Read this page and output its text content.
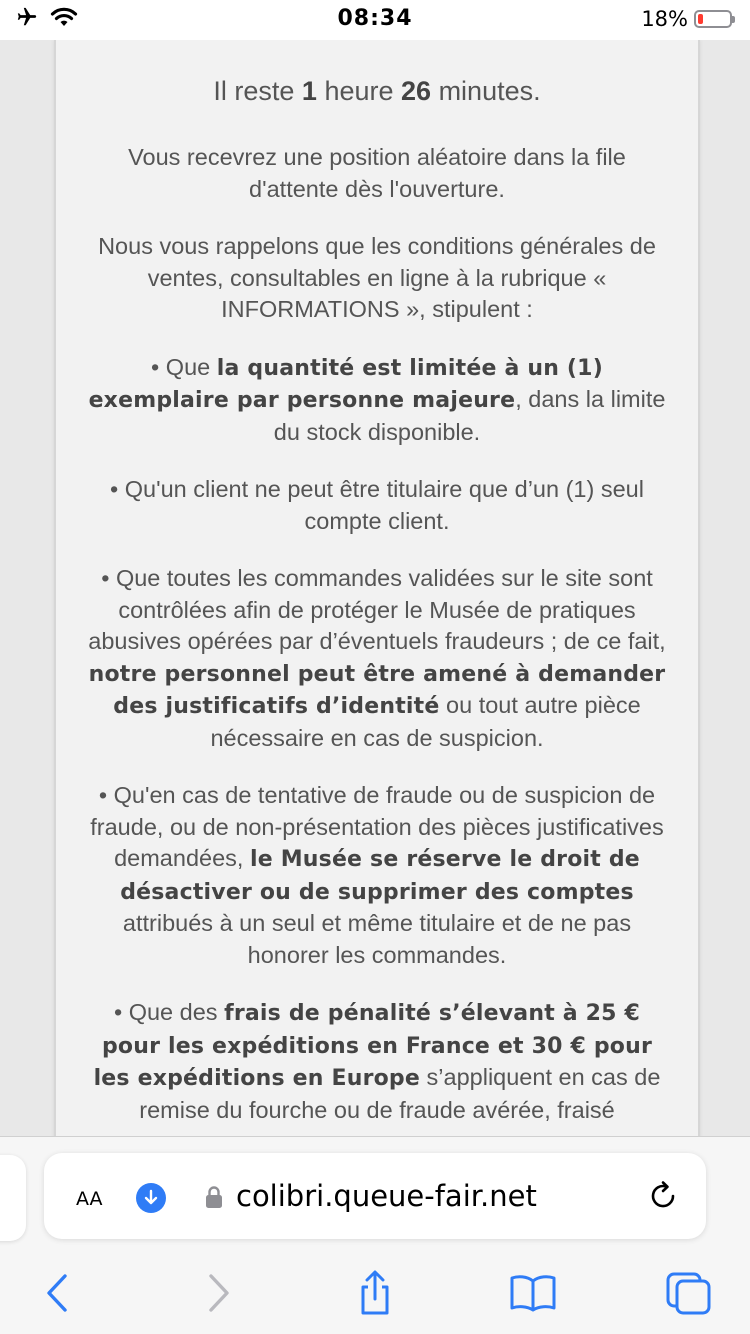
08:34	18%

Il reste 1 heure 26 minutes.

Vous recevrez une position aléatoire dans la file d'attente dès l'ouverture.

Nous vous rappelons que les conditions générales de ventes, consultables en ligne à la rubrique « INFORMATIONS », stipulent :

• Que la quantité est limitée à un (1) exemplaire par personne majeure, dans la limite du stock disponible.

• Qu'un client ne peut être titulaire que d’un (1) seul compte client.

• Que toutes les commandes validées sur le site sont contrôlées afin de protéger le Musée de pratiques abusives opérées par d’éventuels fraudeurs ; de ce fait, notre personnel peut être amené à demander des justificatifs d’identité ou tout autre pièce nécessaire en cas de suspicion.

• Qu'en cas de tentative de fraude ou de suspicion de fraude, ou de non-présentation des pièces justificatives demandées, le Musée se réserve le droit de désactiver ou de supprimer des comptes attribués à un seul et même titulaire et de ne pas honorer les commandes.

• Que des frais de pénalité s’élevant à 25 € pour les expéditions en France et 30 € pour les expéditions en Europe s’appliquent en cas de remise du fourche ou de fraude avérée, fraisé

AA	colibri.queue-fair.net
